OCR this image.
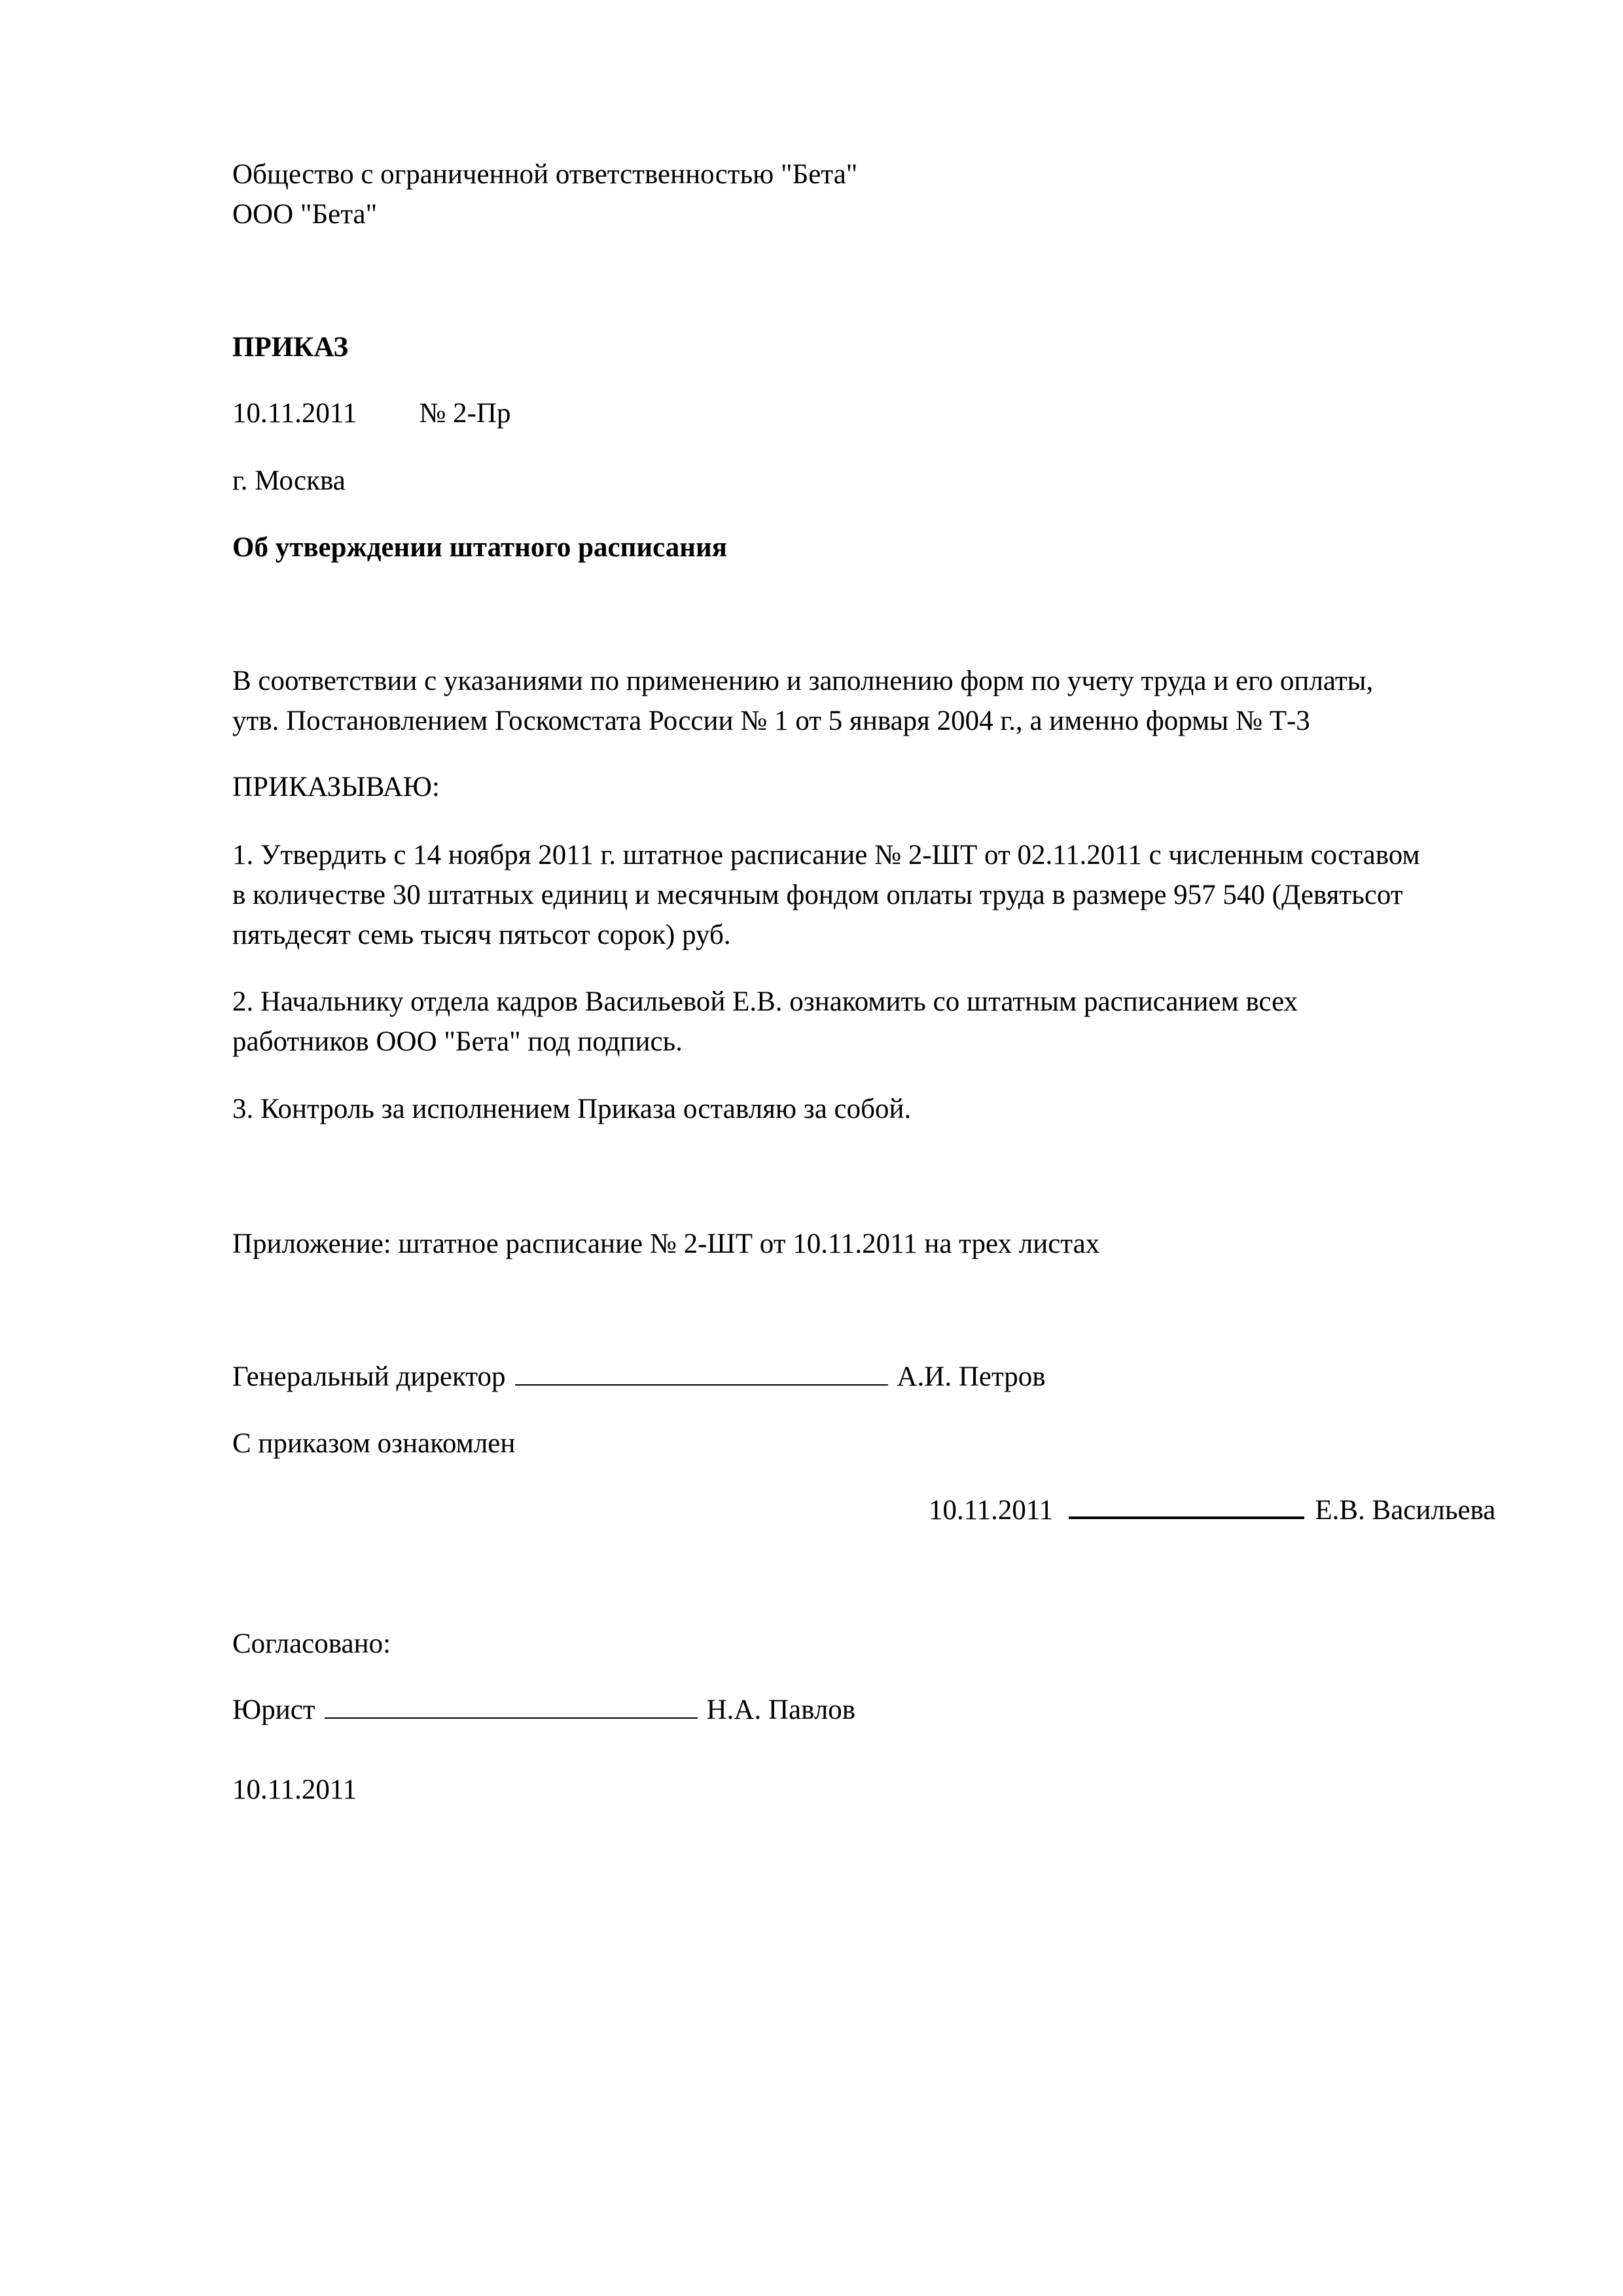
Общество с ограниченной ответственностью "Бета"
ООО "Бета"
ПРИКАЗ
10.11.2011 № 2-Пр
г. Москва
Об утверждении штатного расписания
В соответствии с указаниями по применению и заполнению форм по учету труда и его оплаты,
утв. Постановлением Госкомстата России № 1 от 5 января 2004 г., а именно формы № Т-3
ПРИКАЗЫВАЮ:
1. Утвердить с 14 ноября 2011 г. штатное расписание № 2-ШТ от 02.11.2011 с численным составом
в количестве 30 штатных единиц и месячным фондом оплаты труда в размере 957 540 (Девятьсот
пятьдесят семь тысяч пятьсот сорок) руб.
2. Начальнику отдела кадров Васильевой Е.В. ознакомить со штатным расписанием всех
работников ООО "Бета" под подпись.
3. Контроль за исполнением Приказа оставляю за собой.
Приложение: штатное расписание № 2-ШТ от 10.11.2011 на трех листах
Генеральный директор	А.И. Петров
С приказом ознакомлен
10.11.2011	Е.В. Васильева
Согласовано:
Юрист	Н.А. Павлов
10.11.2011
